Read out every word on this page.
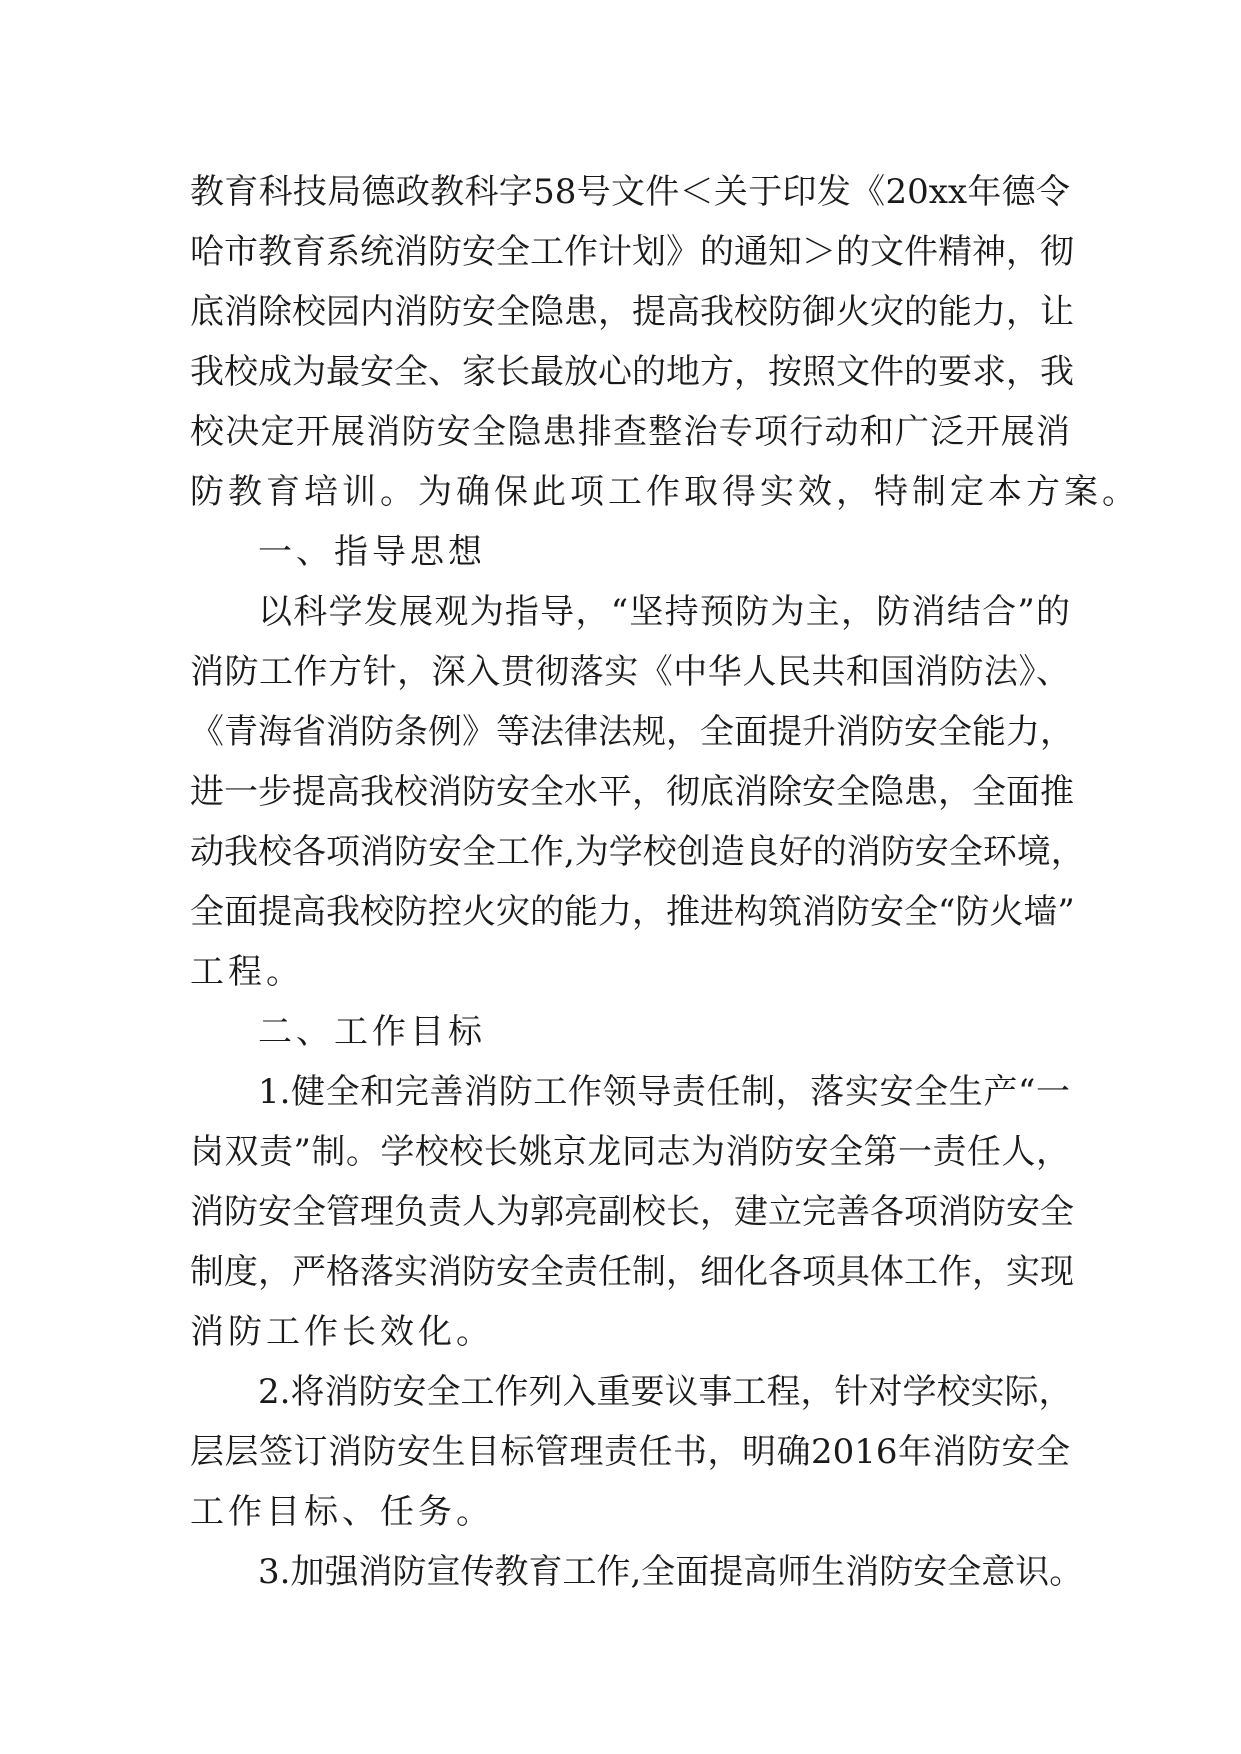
教育科技局德政教科字58号文件＜关于印发《20xx年德令
哈市教育系统消防安全工作计划》的通知＞的文件精神，彻
底消除校园内消防安全隐患，提高我校防御火灾的能力，让
我校成为最安全、家长最放心的地方，按照文件的要求，我
校决定开展消防安全隐患排查整治专项行动和广泛开展消
防教育培训。为确保此项工作取得实效，特制定本方案。
一、指导思想
以科学发展观为指导，“坚持预防为主，防消结合”的
消防工作方针，深入贯彻落实《中华人民共和国消防法》、
《青海省消防条例》等法律法规，全面提升消防安全能力，
进一步提高我校消防安全水平，彻底消除安全隐患，全面推
动我校各项消防安全工作,为学校创造良好的消防安全环境，
全面提高我校防控火灾的能力，推进构筑消防安全“防火墙”
工程。
二、工作目标
1.健全和完善消防工作领导责任制，落实安全生产“一
岗双责”制。学校校长姚京龙同志为消防安全第一责任人，
消防安全管理负责人为郭亮副校长，建立完善各项消防安全
制度，严格落实消防安全责任制，细化各项具体工作，实现
消防工作长效化。
2.将消防安全工作列入重要议事工程，针对学校实际，
层层签订消防安生目标管理责任书，明确2016年消防安全
工作目标、任务。
3.加强消防宣传教育工作,全面提高师生消防安全意识。
